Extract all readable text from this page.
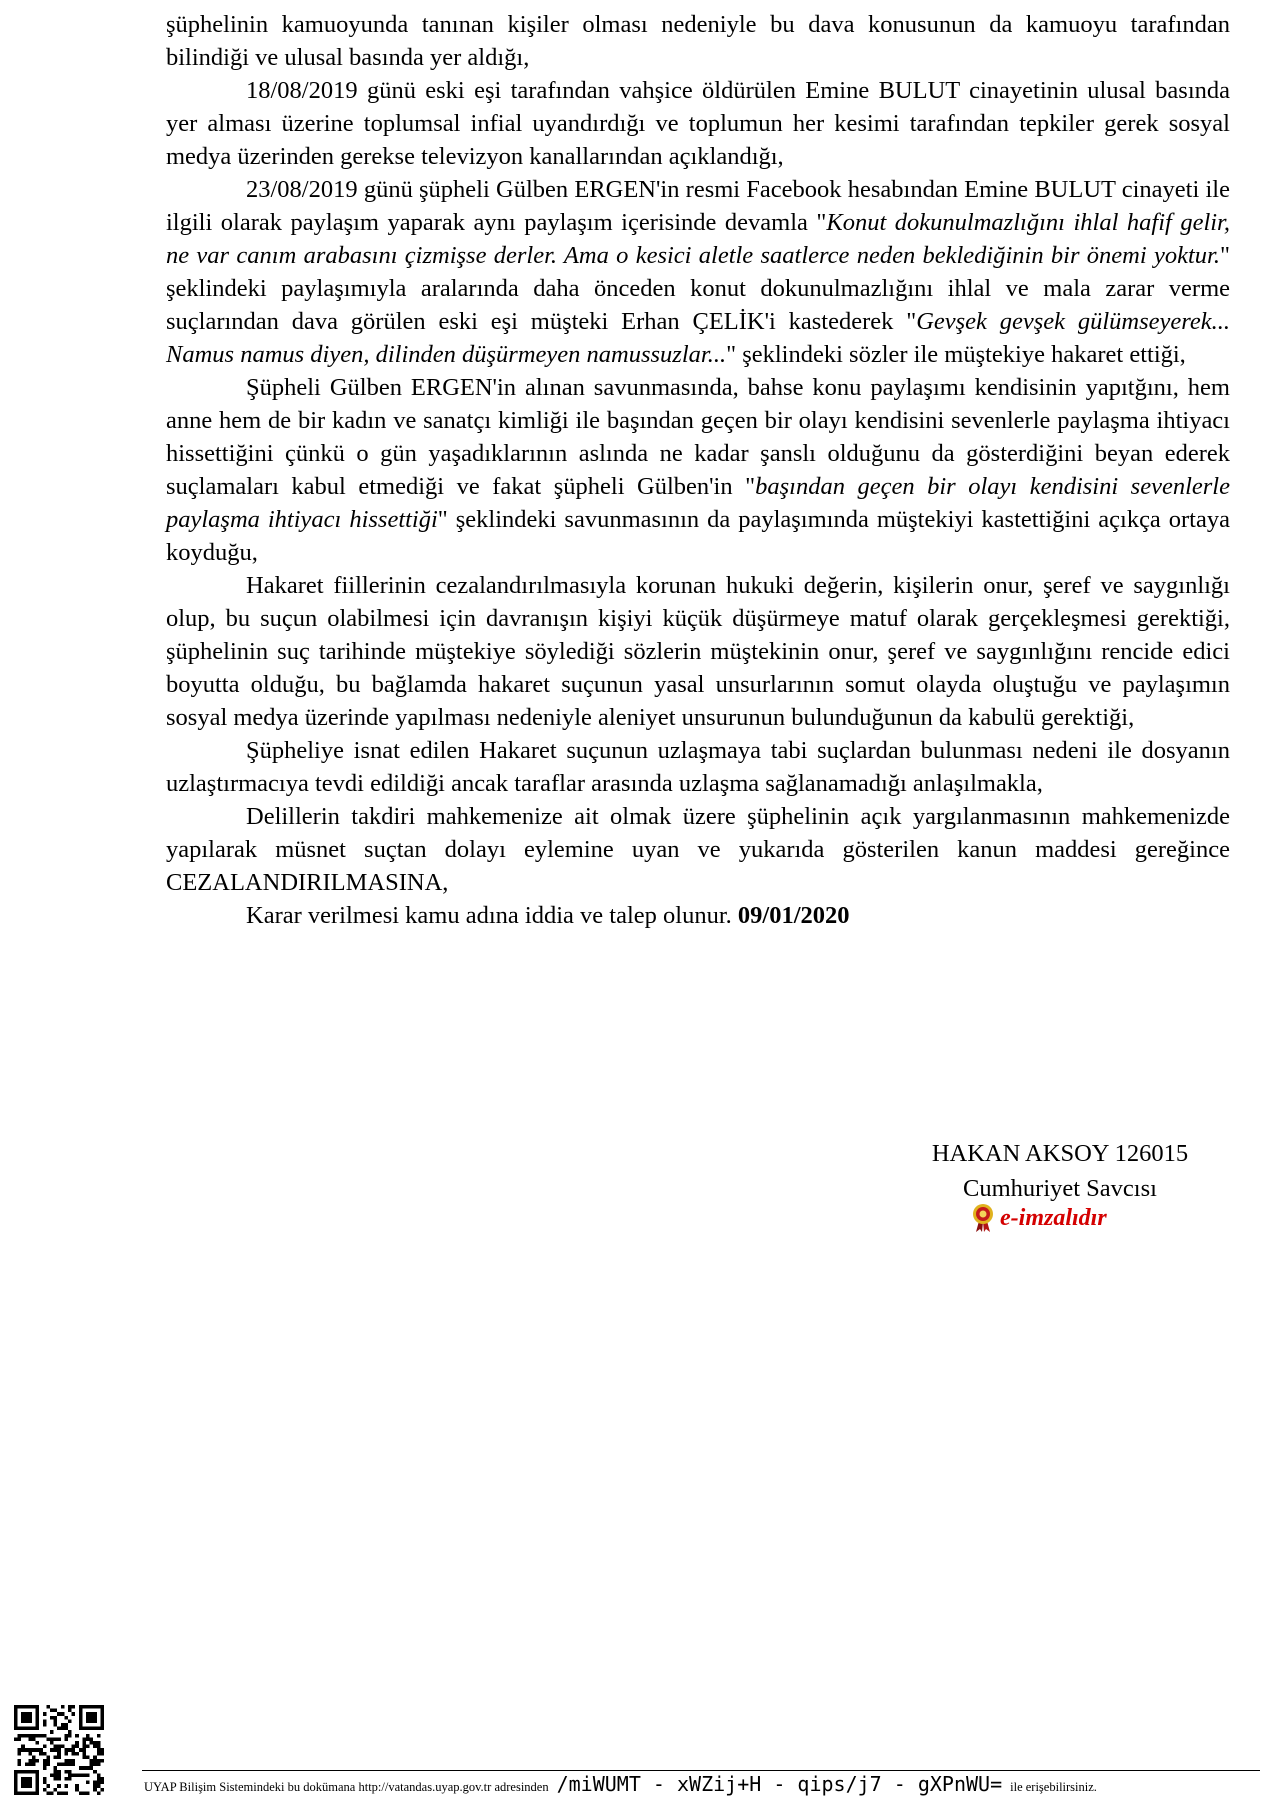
şüphelinin kamuoyunda tanınan kişiler olması nedeniyle bu dava konusunun da kamuoyu tarafından bilindiği ve ulusal basında yer aldığı,

18/08/2019 günü eski eşi tarafından vahşice öldürülen Emine BULUT cinayetinin ulusal basında yer alması üzerine toplumsal infial uyandırdığı ve toplumun her kesimi tarafından tepkiler gerek sosyal medya üzerinden gerekse televizyon kanallarından açıklandığı,

23/08/2019 günü şüpheli Gülben ERGEN'in resmi Facebook hesabından Emine BULUT cinayeti ile ilgili olarak paylaşım yaparak aynı paylaşım içerisinde devamla "Konut dokunulmazlığını ihlal hafif gelir, ne var canım arabasını çizmişse derler. Ama o kesici aletle saatlerce neden beklediğinin bir önemi yoktur." şeklindeki paylaşımıyla aralarında daha önceden konut dokunulmazlığını ihlal ve mala zarar verme suçlarından dava görülen eski eşi müşteki Erhan ÇELİK'i kastederek "Gevşek gevşek gülümseyerek... Namus namus diyen, dilinden düşürmeyen namussuzlar..." şeklindeki sözler ile müştekiye hakaret ettiği,

Şüpheli Gülben ERGEN'in alınan savunmasında, bahse konu paylaşımı kendisinin yapıtğını, hem anne hem de bir kadın ve sanatçı kimliği ile başından geçen bir olayı kendisini sevenlerle paylaşma ihtiyacı hissettiğini çünkü o gün yaşadıklarının aslında ne kadar şanslı olduğunu da gösterdiğini beyan ederek suçlamaları kabul etmediği ve fakat şüpheli Gülben'in "başından geçen bir olayı kendisini sevenlerle paylaşma ihtiyacı hissettiği" şeklindeki savunmasının da paylaşımında müştekiyi kastettiğini açıkça ortaya koyduğu,

Hakaret fiillerinin cezalandırılmasıyla korunan hukuki değerin, kişilerin onur, şeref ve saygınlığı olup, bu suçun olabilmesi için davranışın kişiyi küçük düşürmeye matuf olarak gerçekleşmesi gerektiği, şüphelinin suç tarihinde müştekiye söylediği sözlerin müştekinin onur, şeref ve saygınlığını rencide edici boyutta olduğu, bu bağlamda hakaret suçunun yasal unsurlarının somut olayda oluştuğu ve paylaşımın sosyal medya üzerinde yapılması nedeniyle aleniyet unsurunun bulunduğunun da kabulü gerektiği,

Şüpheliye isnat edilen Hakaret suçunun uzlaşmaya tabi suçlardan bulunması nedeni ile dosyanın uzlaştırmacıya tevdi edildiği ancak taraflar arasında uzlaşma sağlanamadığı anlaşılmakla,

Delillerin takdiri mahkemenize ait olmak üzere şüphelinin açık yargılanmasının mahkemenizde yapılarak müsnet suçtan dolayı eylemine uyan ve yukarıda gösterilen kanun maddesi gereğince CEZALANDIRILMASINA,

Karar verilmesi kamu adına iddia ve talep olunur. 09/01/2020

HAKAN AKSOY 126015
Cumhuriyet Savcısı
e-imzalıdır
UYAP Bilişim Sistemindeki bu dokümana http://vatandas.uyap.gov.tr adresinden /miWUMT - xWZij+H - qips/j7 - gXPnWU= ile erişebilirsiniz.
